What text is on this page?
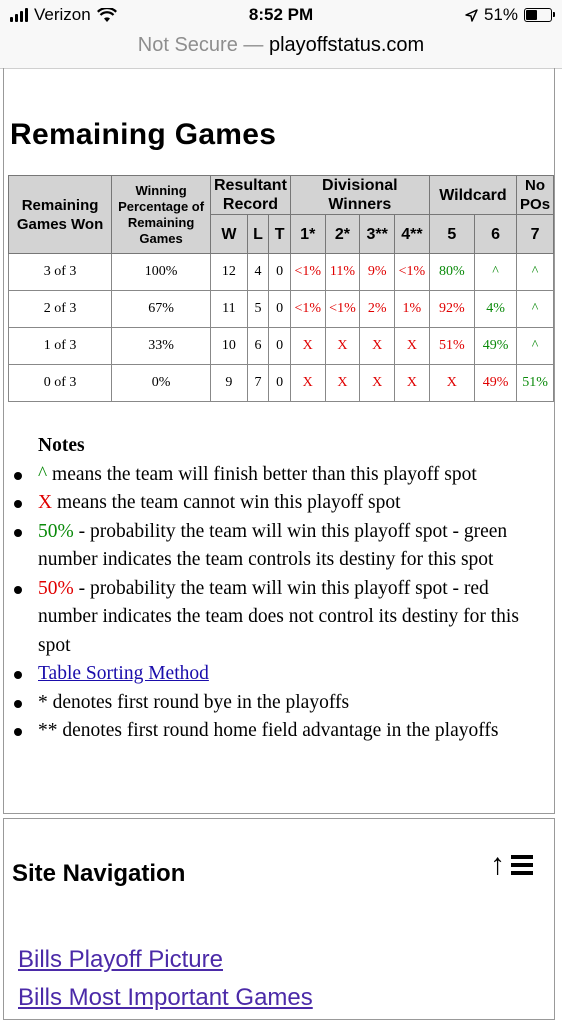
Verizon	8:52 PM	51%
Not Secure — playoffstatus.com
Remaining Games
Remaining Games Won	Winning Percentage of Remaining Games	Resultant Record			Divisional Winners				Wildcard		No POs
		W	L	T	1*	2*	3**	4**	5	6	7
3 of 3	100%	12	4	0	<1%	11%	9%	<1%	80%	^	^
2 of 3	67%	11	5	0	<1%	<1%	2%	1%	92%	4%	^
1 of 3	33%	10	6	0	X	X	X	X	51%	49%	^
0 of 3	0%	9	7	0	X	X	X	X	X	49%	51%
Notes
^ means the team will finish better than this playoff spot
X means the team cannot win this playoff spot
50% - probability the team will win this playoff spot - green number indicates the team controls its destiny for this spot
50% - probability the team will win this playoff spot - red number indicates the team does not control its destiny for this spot
Table Sorting Method
* denotes first round bye in the playoffs
** denotes first round home field advantage in the playoffs
Site Navigation	↑
Bills Playoff Picture
Bills Most Important Games
